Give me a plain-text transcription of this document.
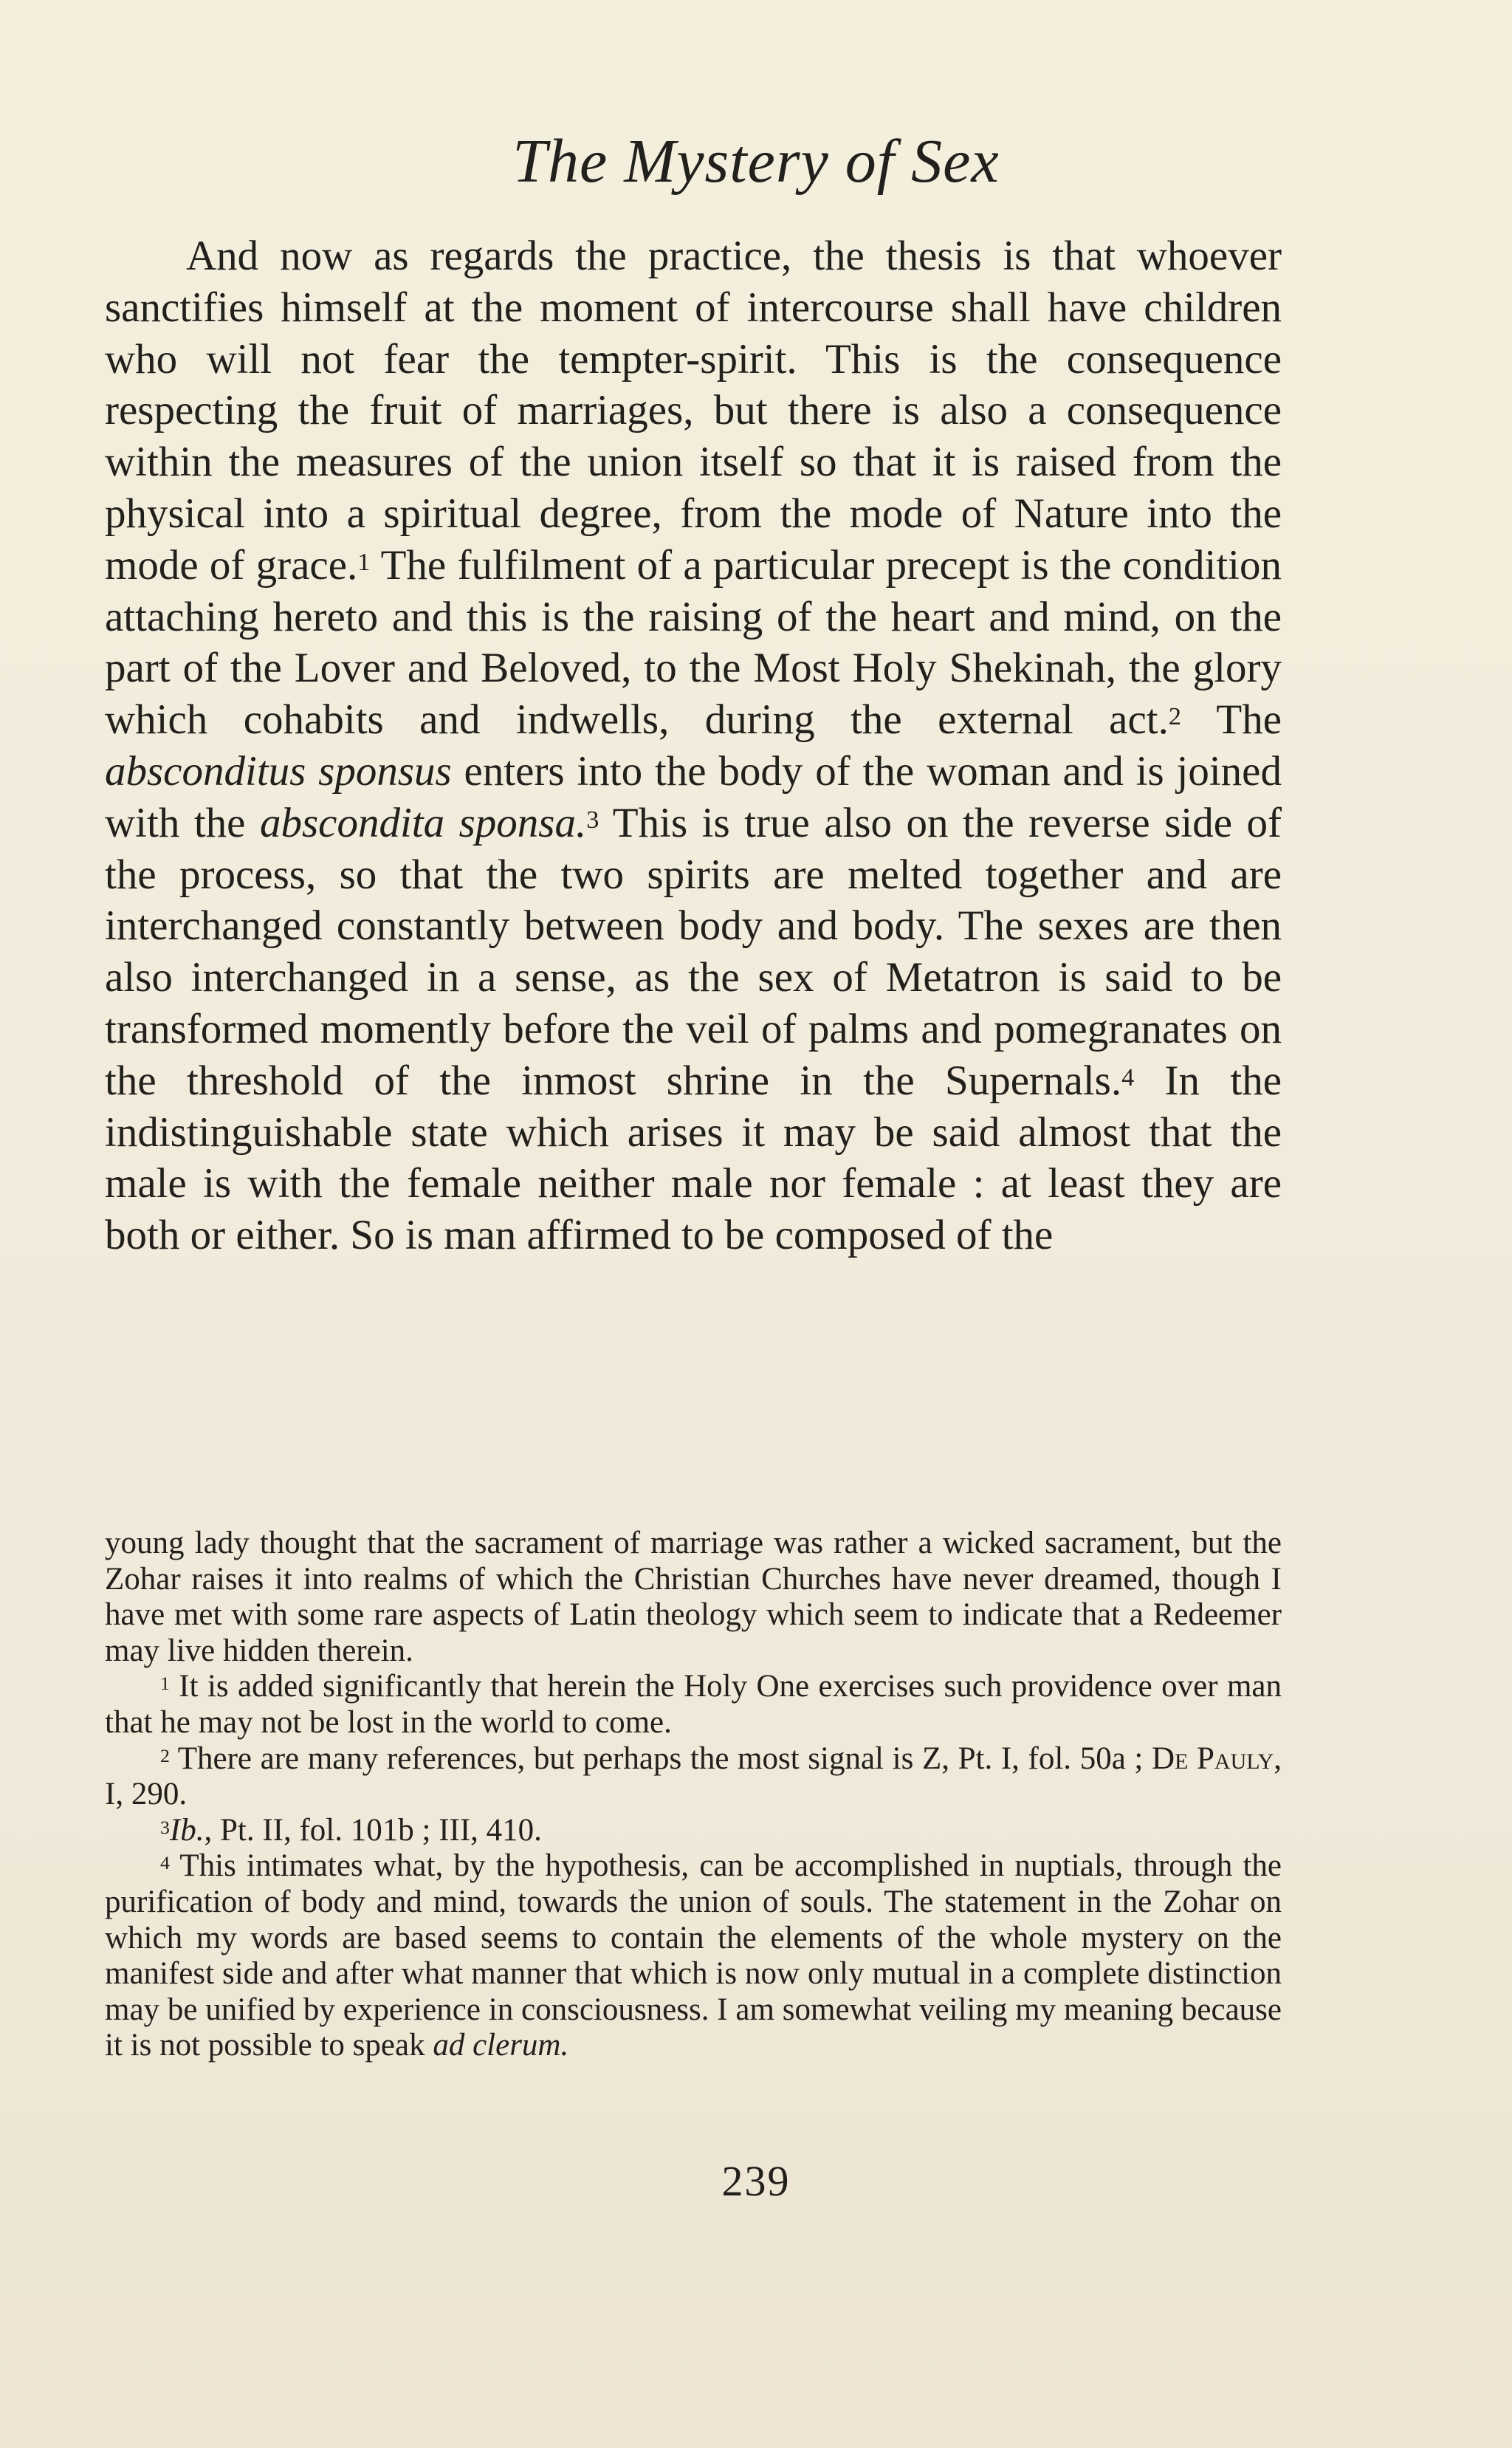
The Mystery of Sex

And now as regards the practice, the thesis is that whoever sanctifies himself at the moment of intercourse shall have children who will not fear the tempter-spirit. This is the consequence respecting the fruit of marriages, but there is also a consequence within the measures of the union itself so that it is raised from the physical into a spiritual degree, from the mode of Nature into the mode of grace.$^1$ The fulfilment of a particular precept is the condition attaching hereto and this is the raising of the heart and mind, on the part of the Lover and Beloved, to the Most Holy Shekinah, the glory which cohabits and indwells, during the external act.$^2$ The absconditus sponsus enters into the body of the woman and is joined with the abscondita sponsa.$^3$ This is true also on the reverse side of the process, so that the two spirits are melted together and are interchanged constantly between body and body. The sexes are then also interchanged in a sense, as the sex of Metatron is said to be transformed momently before the veil of palms and pomegranates on the threshold of the inmost shrine in the Supernals.$^4$ In the indistinguishable state which arises it may be said almost that the male is with the female neither male nor female : at least they are both or either. So is man affirmed to be composed of the

young lady thought that the sacrament of marriage was rather a wicked sacrament, but the Zohar raises it into realms of which the Christian Churches have never dreamed, though I have met with some rare aspects of Latin theology which seem to indicate that a Redeemer may live hidden therein.

$^1$ It is added significantly that herein the Holy One exercises such providence over man that he may not be lost in the world to come.

$^2$ There are many references, but perhaps the most signal is Z, Pt. I, fol. 50a ; De Pauly, I, 290.

$^3$Ib., Pt. II, fol. 101b ; III, 410.

$^4$ This intimates what, by the hypothesis, can be accomplished in nuptials, through the purification of body and mind, towards the union of souls. The statement in the Zohar on which my words are based seems to contain the elements of the whole mystery on the manifest side and after what manner that which is now only mutual in a complete distinction may be unified by experience in consciousness. I am somewhat veiling my meaning because it is not possible to speak ad clerum.

239
